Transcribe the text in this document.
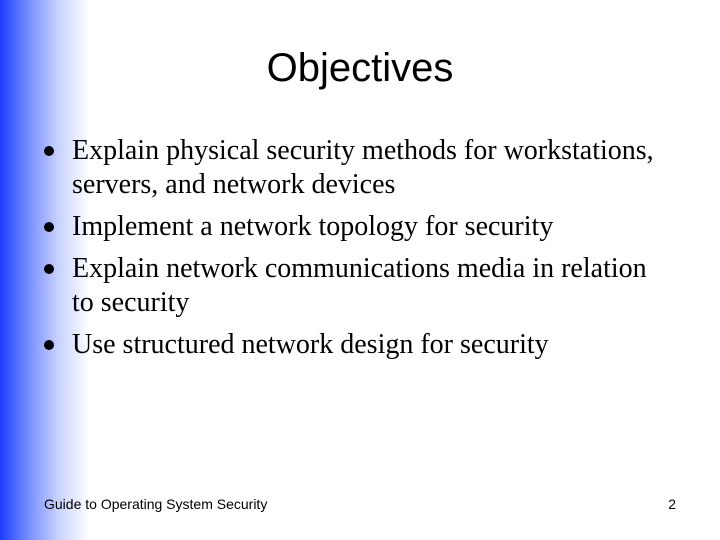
Objectives
Explain physical security methods for workstations, servers, and network devices
Implement a network topology for security
Explain network communications media in relation to security
Use structured network design for security
Guide to Operating System Security	2
